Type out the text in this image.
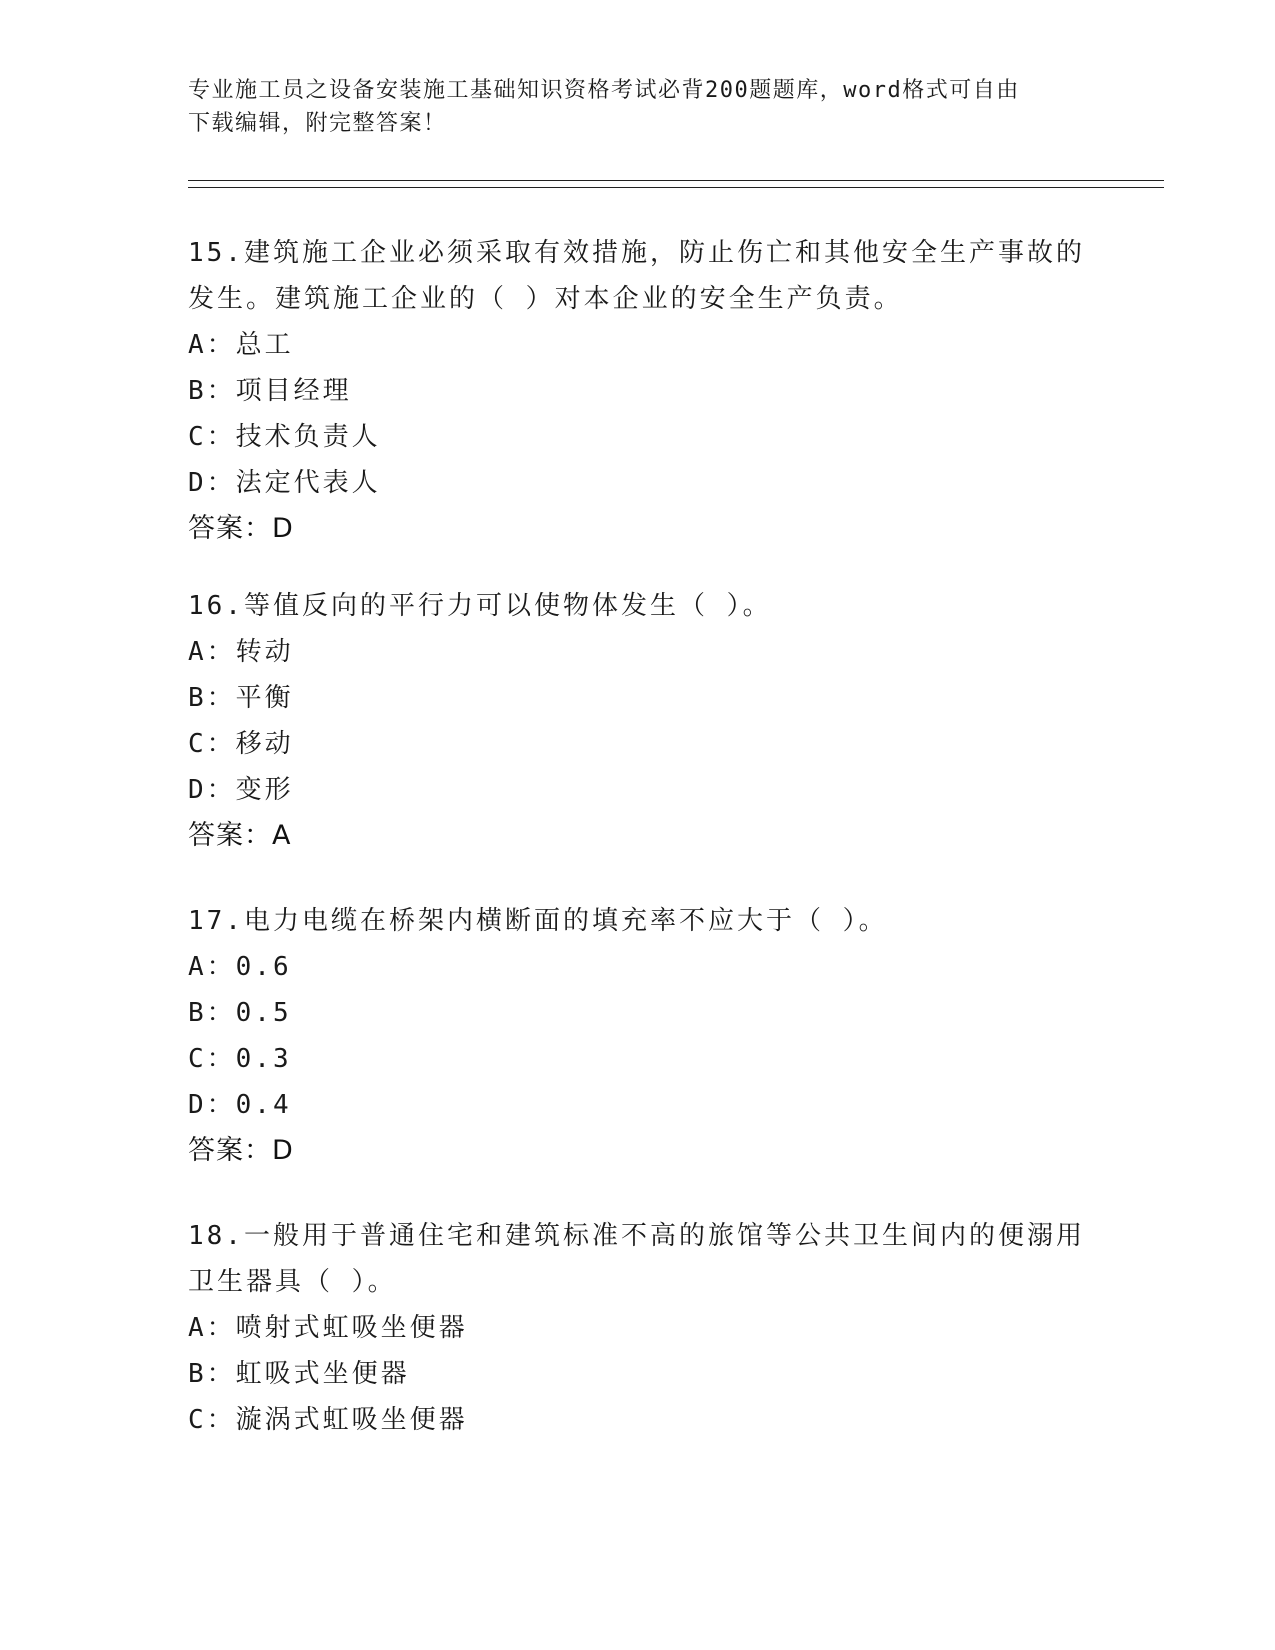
专业施工员之设备安装施工基础知识资格考试必背200题题库，word格式可自由
下载编辑，附完整答案！

15.建筑施工企业必须采取有效措施，防止伤亡和其他安全生产事故的

发生。建筑施工企业的（ ）对本企业的安全生产负责。

A：总工

B：项目经理

C：技术负责人

D：法定代表人

答案：D

16.等值反向的平行力可以使物体发生（ ）。

A：转动

B：平衡

C：移动

D：变形

答案：A

17.电力电缆在桥架内横断面的填充率不应大于（ ）。

A：0.6

B：0.5

C：0.3

D：0.4

答案：D

18.一般用于普通住宅和建筑标准不高的旅馆等公共卫生间内的便溺用

卫生器具（ ）。

A：喷射式虹吸坐便器

B：虹吸式坐便器

C：漩涡式虹吸坐便器
